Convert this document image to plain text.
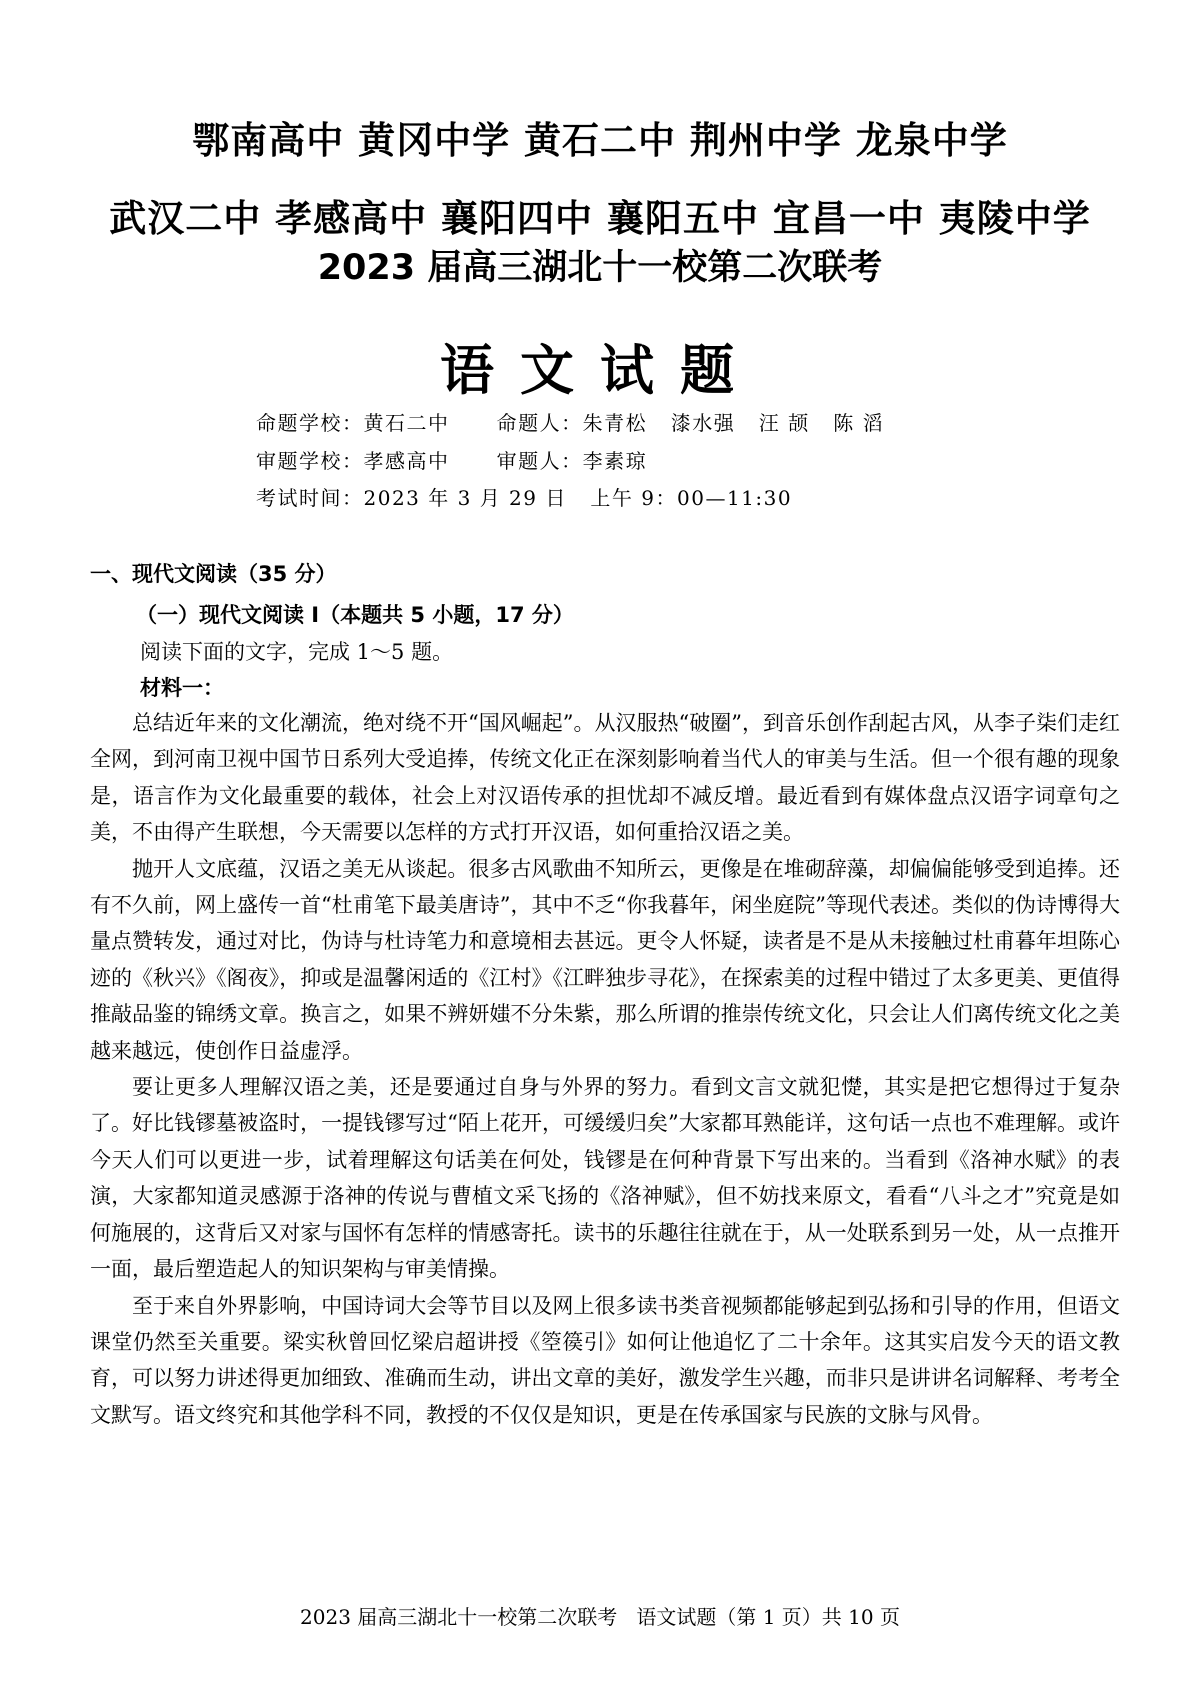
鄂南高中 黄冈中学 黄石二中 荆州中学 龙泉中学
武汉二中 孝感高中 襄阳四中 襄阳五中 宜昌一中 夷陵中学
2023 届高三湖北十一校第二次联考
语文试题
命题学校：黄石二中      命题人：朱青松   漆水强   汪 颉   陈 滔
审题学校：孝感高中      审题人：李素琼
考试时间：2023 年 3 月 29 日   上午 9：00—11:30
一、现代文阅读（35 分）
（一）现代文阅读 I（本题共 5 小题，17 分）
阅读下面的文字，完成 1～5 题。
材料一：

总结近年来的文化潮流，绝对绕不开“国风崛起”。从汉服热“破圈”，到音乐创作刮起古风，从李子柒们走红全网，到河南卫视中国节日系列大受追捧，传统文化正在深刻影响着当代人的审美与生活。但一个很有趣的现象是，语言作为文化最重要的载体，社会上对汉语传承的担忧却不减反增。最近看到有媒体盘点汉语字词章句之美，不由得产生联想，今天需要以怎样的方式打开汉语，如何重拾汉语之美。

抛开人文底蕴，汉语之美无从谈起。很多古风歌曲不知所云，更像是在堆砌辞藻，却偏偏能够受到追捧。还有不久前，网上盛传一首“杜甫笔下最美唐诗”，其中不乏“你我暮年，闲坐庭院”等现代表述。类似的伪诗博得大量点赞转发，通过对比，伪诗与杜诗笔力和意境相去甚远。更令人怀疑，读者是不是从未接触过杜甫暮年坦陈心迹的《秋兴》《阁夜》，抑或是温馨闲适的《江村》《江畔独步寻花》，在探索美的过程中错过了太多更美、更值得推敲品鉴的锦绣文章。换言之，如果不辨妍媸不分朱紫，那么所谓的推崇传统文化，只会让人们离传统文化之美越来越远，使创作日益虚浮。

要让更多人理解汉语之美，还是要通过自身与外界的努力。看到文言文就犯憷，其实是把它想得过于复杂了。好比钱镠墓被盗时，一提钱镠写过“陌上花开，可缓缓归矣”大家都耳熟能详，这句话一点也不难理解。或许今天人们可以更进一步，试着理解这句话美在何处，钱镠是在何种背景下写出来的。当看到《洛神水赋》的表演，大家都知道灵感源于洛神的传说与曹植文采飞扬的《洛神赋》，但不妨找来原文，看看“八斗之才”究竟是如何施展的，这背后又对家与国怀有怎样的情感寄托。读书的乐趣往往就在于，从一处联系到另一处，从一点推开一面，最后塑造起人的知识架构与审美情操。

至于来自外界影响，中国诗词大会等节目以及网上很多读书类音视频都能够起到弘扬和引导的作用，但语文课堂仍然至关重要。梁实秋曾回忆梁启超讲授《箜篌引》如何让他追忆了二十余年。这其实启发今天的语文教育，可以努力讲述得更加细致、准确而生动，讲出文章的美好，激发学生兴趣，而非只是讲讲名词解释、考考全文默写。语文终究和其他学科不同，教授的不仅仅是知识，更是在传承国家与民族的文脉与风骨。

2023 届高三湖北十一校第二次联考   语文试题（第 1 页）共 10 页
